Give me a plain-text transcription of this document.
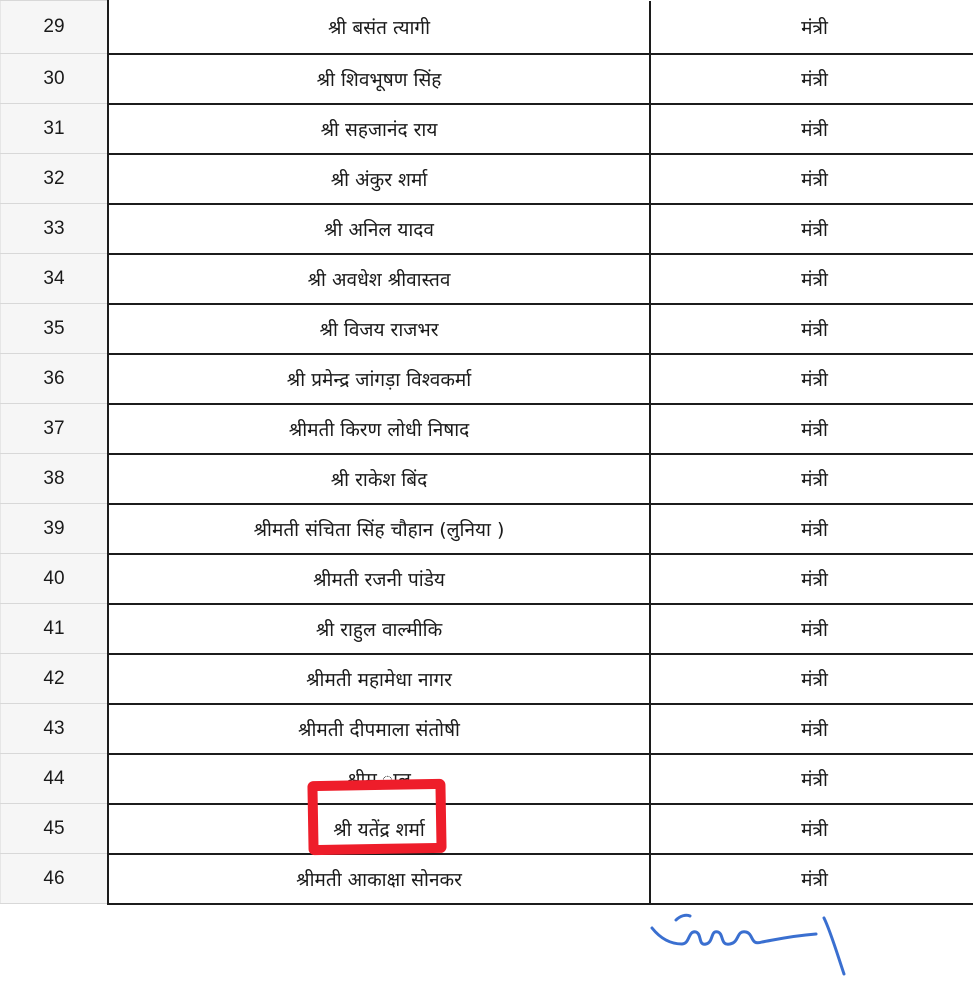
29	श्री बसंत त्यागी	मंत्री
30	श्री शिवभूषण सिंह	मंत्री
31	श्री सहजानंद राय	मंत्री
32	श्री अंकुर शर्मा	मंत्री
33	श्री अनिल यादव	मंत्री
34	श्री अवधेश श्रीवास्तव	मंत्री
35	श्री विजय राजभर	मंत्री
36	श्री प्रमेन्द्र जांगड़ा विश्वकर्मा	मंत्री
37	श्रीमती किरण लोधी निषाद	मंत्री
38	श्री राकेश बिंद	मंत्री
39	श्रीमती संचिता सिंह चौहान (लुनिया )	मंत्री
40	श्रीमती रजनी पांडेय	मंत्री
41	श्री राहुल वाल्मीकि	मंत्री
42	श्रीमती महामेधा नागर	मंत्री
43	श्रीमती दीपमाला संतोषी	मंत्री
44	श्रीम ाल	मंत्री
45	श्री यतेंद्र शर्मा	मंत्री
46	श्रीमती आकाक्षा सोनकर	मंत्री
